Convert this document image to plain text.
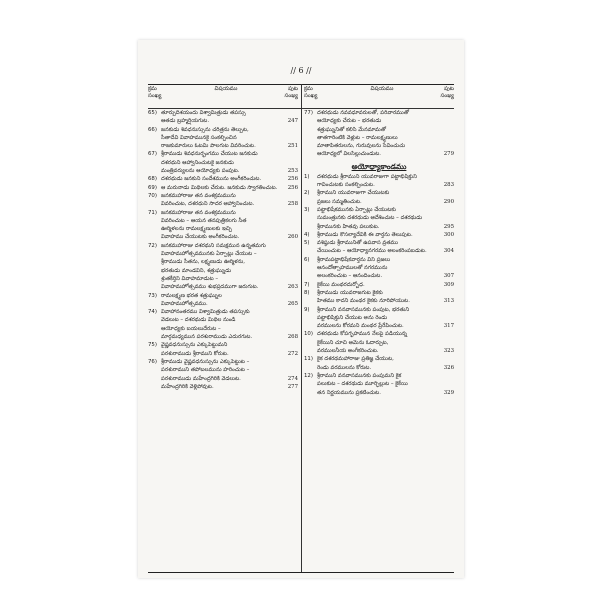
// 6 //
క్రమ సంఖ్య
విషయము	పుట సంఖ్య
65) తూర్పుదిశయందు విశ్వామిత్రుడు తపస్సు
ఆతడు బ్రహ్మర్షియగుట.	247
66) జనకుడు శివధనుస్సును చరిత్రను తెల్పుట,
సీతాదేవి వివాహమునకై సంకల్పించిన
రాజకుమారులు ఓటమి పాలగుట వివరించుట.	251
67) శ్రీరాముడు శివధనుర్భంగము చేయుట జనకుడు
దశరథుని ఆహ్వానించుటకై జనకుడు
మంత్రివర్యులను ఆయోధ్యకు పంపుట.	253
68) దశరథుడు జనకుని సందేశమును అంగీకరించుట.	256
69) ఆ మరునాడు మిథిలకు చేరుట. జనకుడు స్వాగతించుట.	256
70) జనకమహారాజు తన వంశక్రమమును
వివరించుట, దశరథుని సాదర ఆహ్వానించుట.	258
71) జనకమహారాజు తన వంశక్రమమును
వివరించుట – ఆయన తనపుత్రికలగు సీత
ఊర్మిళలను రామలక్ష్మణులకు ఇచ్చి
వివాహము చేయుటకు అంగీకరించుట.	260
72) జనకమహారాజు దశరథుని సమక్షమున ఉన్నతమగు
వివాహమహోత్సవమునకు ఏర్పాట్లు చేయుట –
శ్రీరాముడు సీతను, లక్ష్మణుడు ఊర్మిళను,
భరతుడు మాండవిని, శత్రుఘ్నుడు
శ్రుతకీర్తిని వివాహమాడుట –
వివాహమహోత్సవము శుభప్రదముగా జరుగుట.	263
73) రామలక్ష్మణ భరత శత్రుఘ్నుల
వివాహమహోత్సవము.	265
74) వివాహానంతరము విశ్వామిత్రుడు తపస్సుకు
వెడలుట – దశరథుడు మిథిల నుండి
ఆయోధ్యకు బయలుదేరుట –
మార్గమధ్యమున పరశురాముడు ఎదురగుట.	268
75) వైష్ణవధనుస్సును ఎక్కుపెట్టుమని
పరశురాముడు శ్రీరాముని కోరుట.	272
76) శ్రీరాముడు వైష్ణవధనుస్సును ఎక్కుపెట్టుట –
పరశురాముని తపోబలమును హరించుట –
పరశురాముడు మహేంద్రగిరికి వెడలుట.	274
మహేంద్రగిరికి వెళ్లిపోవుట.	277
క్రమ సంఖ్య
విషయము	పుట సంఖ్య
77) దశరథుడు నవవధూవరులతో, పరివారముతో
ఆయోధ్యకు చేరుట – భరతుడు
శత్రుఘ్నునితో కలిసి మేనమామతో
తాతగారింటికి వెళ్లుట – రామలక్ష్మణులు
మాతాపితరులను, గురువులను సేవించుచు
ఆయోధ్యలో విలసిల్లుచుండుట.	279
అయోధ్యాకాండము
1)	దశరథుడు శ్రీరాముని యువరాజుగా పట్టాభిషిక్తుని
గావించుటకు సంకల్పించుట.	283
2)	శ్రీరాముని యువరాజుగా చేయుటకు
ప్రజలు సమ్మతించుట.	290
3)	పట్టాభిషేకమునకు ఏర్పాట్లు చేయుటకు
సుమంత్రునకు దశరథుడు ఆదేశించుట – దశరథుడు
శ్రీరామునకు హితవు పలుకుట.	295
4)	శ్రీరాముడు కౌసల్యాదేవికి ఈ వార్తను తెలుపుట.	300
5)	వశిష్ఠుడు శ్రీరామునితో ఉపవాస వ్రతము
చేయించుట – ఆయోధ్యానగరము అలంకరింపబడుట.	304
6)	శ్రీరామపట్టాభిషేకవార్తను విని ప్రజలు
ఆనందోత్సాహములతో నగరమును
అలంకరించుట – ఆనందించుట.	307
7)	కైకేయి మంథరదుర్బోధ.	309
8)	శ్రీరాముడు యువరాజగుట కైకకు
హితము కాదని మంథర కైకకు నూరిపోయుట.	313
9)	శ్రీరాముని వనవాసమునకు పంపుట, భరతుని
పట్టాభిషిక్తుని చేయుట అను రెండు
వరములను కోరమని మంథర ప్రేరేపించుట.	317
10) దశరథుడు కోపగృహమున నేలపై పడియున్న
కైకేయిని చూచి ఆమెను ఓదార్చుట,
వరములనీయ అంగీకరించుట.	323
11) కైక దశరథమహారాజు ప్రతిజ్ఞ చేయుట,
రెండు వరములను కోరుట.	326
12) శ్రీరాముని వనవాసమునకు పంపుమని కైక
పలుకుట – దశరథుడు మూర్ఛిల్లుట – కైకేయి
తన నిర్ణయమును ప్రకటించుట.	329
